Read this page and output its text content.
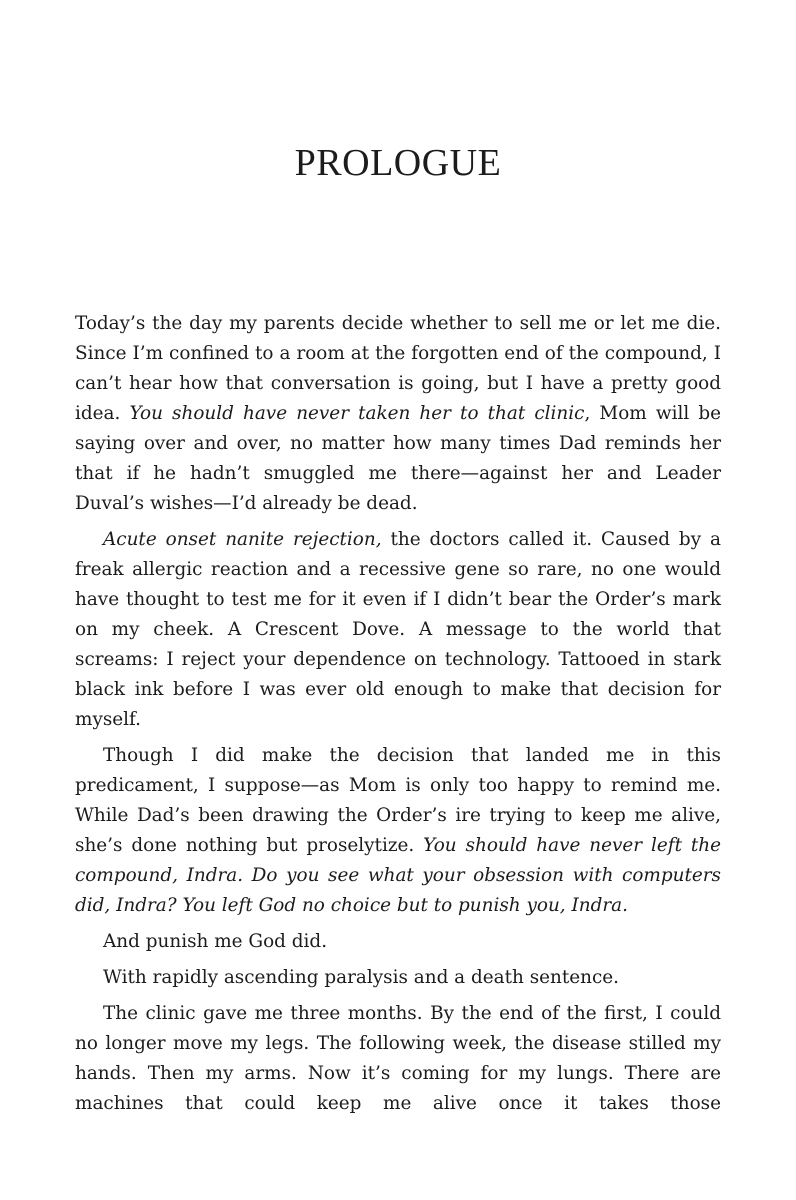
PROLOGUE

Today’s the day my parents decide whether to sell me or let me die. Since I’m confined to a room at the forgotten end of the compound, I can’t hear how that conversation is going, but I have a pretty good idea. You should have never taken her to that clinic, Mom will be saying over and over, no matter how many times Dad reminds her that if he hadn’t smuggled me there—against her and Leader Duval’s wishes—I’d already be dead.

Acute onset nanite rejection, the doctors called it. Caused by a freak allergic reaction and a recessive gene so rare, no one would have thought to test me for it even if I didn’t bear the Order’s mark on my cheek. A Crescent Dove. A message to the world that screams: I reject your dependence on technology. Tattooed in stark black ink before I was ever old enough to make that decision for myself.

Though I did make the decision that landed me in this predicament, I suppose—as Mom is only too happy to remind me. While Dad’s been drawing the Order’s ire trying to keep me alive, she’s done nothing but proselytize. You should have never left the compound, Indra. Do you see what your obsession with computers did, Indra? You left God no choice but to punish you, Indra.

And punish me God did.

With rapidly ascending paralysis and a death sentence.

The clinic gave me three months. By the end of the first, I could no longer move my legs. The following week, the disease stilled my hands. Then my arms. Now it’s coming for my lungs. There are machines that could keep me alive once it takes those
